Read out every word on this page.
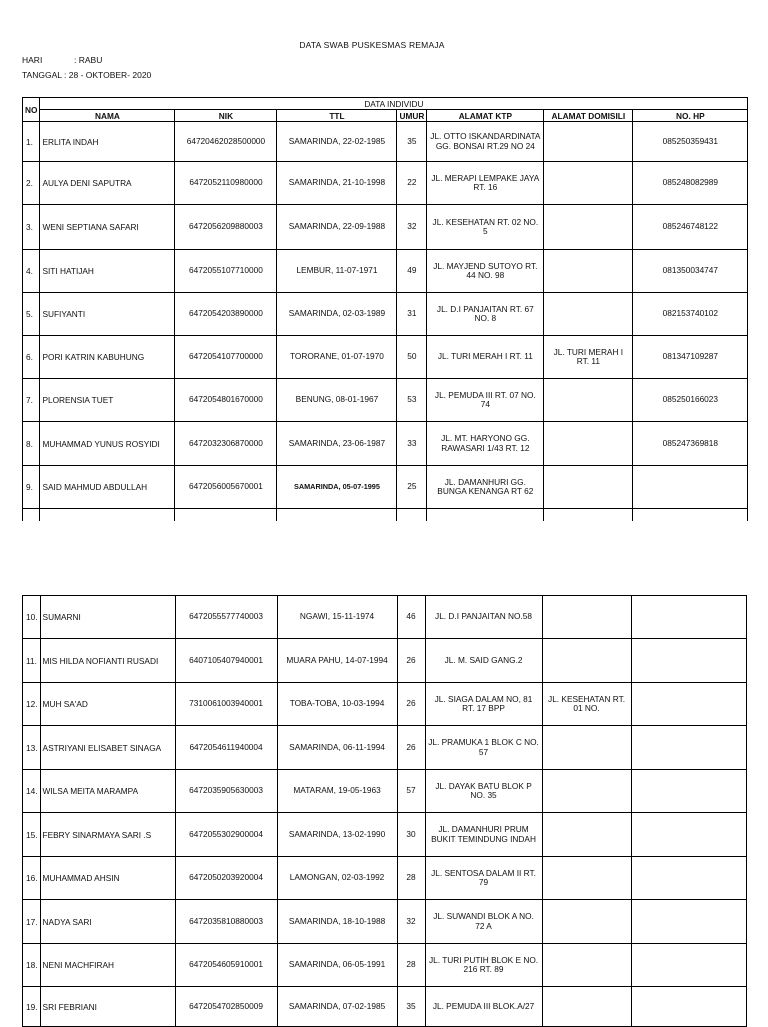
DATA SWAB PUSKESMAS REMAJA
HARI	: RABU
TANGGAL : 28 - OKTOBER- 2020
NO	DATA INDIVIDU						
	NAMA	NIK	TTL	UMUR	ALAMAT KTP	ALAMAT DOMISILI	NO. HP
1.	ERLITA INDAH	64720462028500000	SAMARINDA, 22-02-1985	35	JL. OTTO ISKANDARDINATA GG. BONSAI RT.29 NO 24		085250359431
2.	AULYA DENI SAPUTRA	6472052110980000	SAMARINDA, 21-10-1998	22	JL. MERAPI LEMPAKE JAYA RT. 16		085248082989
3.	WENI SEPTIANA SAFARI	6472056209880003	SAMARINDA, 22-09-1988	32	JL. KESEHATAN RT. 02 NO. 5		085246748122
4.	SITI HATIJAH	6472055107710000	LEMBUR, 11-07-1971	49	JL. MAYJEND SUTOYO RT. 44 NO. 98		081350034747
5.	SUFIYANTI	6472054203890000	SAMARINDA, 02-03-1989	31	JL. D.I PANJAITAN RT. 67 NO. 8		082153740102
6.	PORI KATRIN KABUHUNG	6472054107700000	TORORANE, 01-07-1970	50	JL. TURI MERAH I RT. 11	JL. TURI MERAH I RT. 11	081347109287
7.	PLORENSIA TUET	6472054801670000	BENUNG, 08-01-1967	53	JL. PEMUDA III RT. 07 NO. 74		085250166023
8.	MUHAMMAD YUNUS ROSYIDI	6472032306870000	SAMARINDA, 23-06-1987	33	JL. MT. HARYONO GG. RAWASARI 1/43 RT. 12		085247369818
9.	SAID MAHMUD ABDULLAH	6472056005670001	SAMARINDA, 05-07-1995	25	JL. DAMANHURI GG. BUNGA KENANGA RT 62		

10.	SUMARNI	6472055577740003	NGAWI, 15-11-1974	46	JL. D.I PANJAITAN NO.58		
11.	MIS HILDA NOFIANTI RUSADI	6407105407940001	MUARA PAHU, 14-07-1994	26	JL. M. SAID GANG.2		
12.	MUH SA'AD	7310061003940001	TOBA-TOBA, 10-03-1994	26	JL. SIAGA DALAM NO, 81 RT. 17 BPP	JL. KESEHATAN RT. 01 NO.	
13.	ASTRIYANI ELISABET SINAGA	6472054611940004	SAMARINDA, 06-11-1994	26	JL. PRAMUKA 1 BLOK C NO. 57		
14.	WILSA MEITA MARAMPA	6472035905630003	MATARAM, 19-05-1963	57	JL. DAYAK BATU BLOK P NO. 35		
15.	FEBRY SINARMAYA SARI .S	6472055302900004	SAMARINDA, 13-02-1990	30	JL. DAMANHURI PRUM BUKIT TEMINDUNG INDAH		
16.	MUHAMMAD AHSIN	6472050203920004	LAMONGAN, 02-03-1992	28	JL. SENTOSA DALAM II RT. 79		
17.	NADYA SARI	6472035810880003	SAMARINDA, 18-10-1988	32	JL. SUWANDI BLOK A NO. 72 A		
18.	NENI MACHFIRAH	6472054605910001	SAMARINDA, 06-05-1991	28	JL. TURI PUTIH BLOK E NO. 216 RT. 89		
19.	SRI FEBRIANI	6472054702850009	SAMARINDA, 07-02-1985	35	JL. PEMUDA III BLOK.A/27		
